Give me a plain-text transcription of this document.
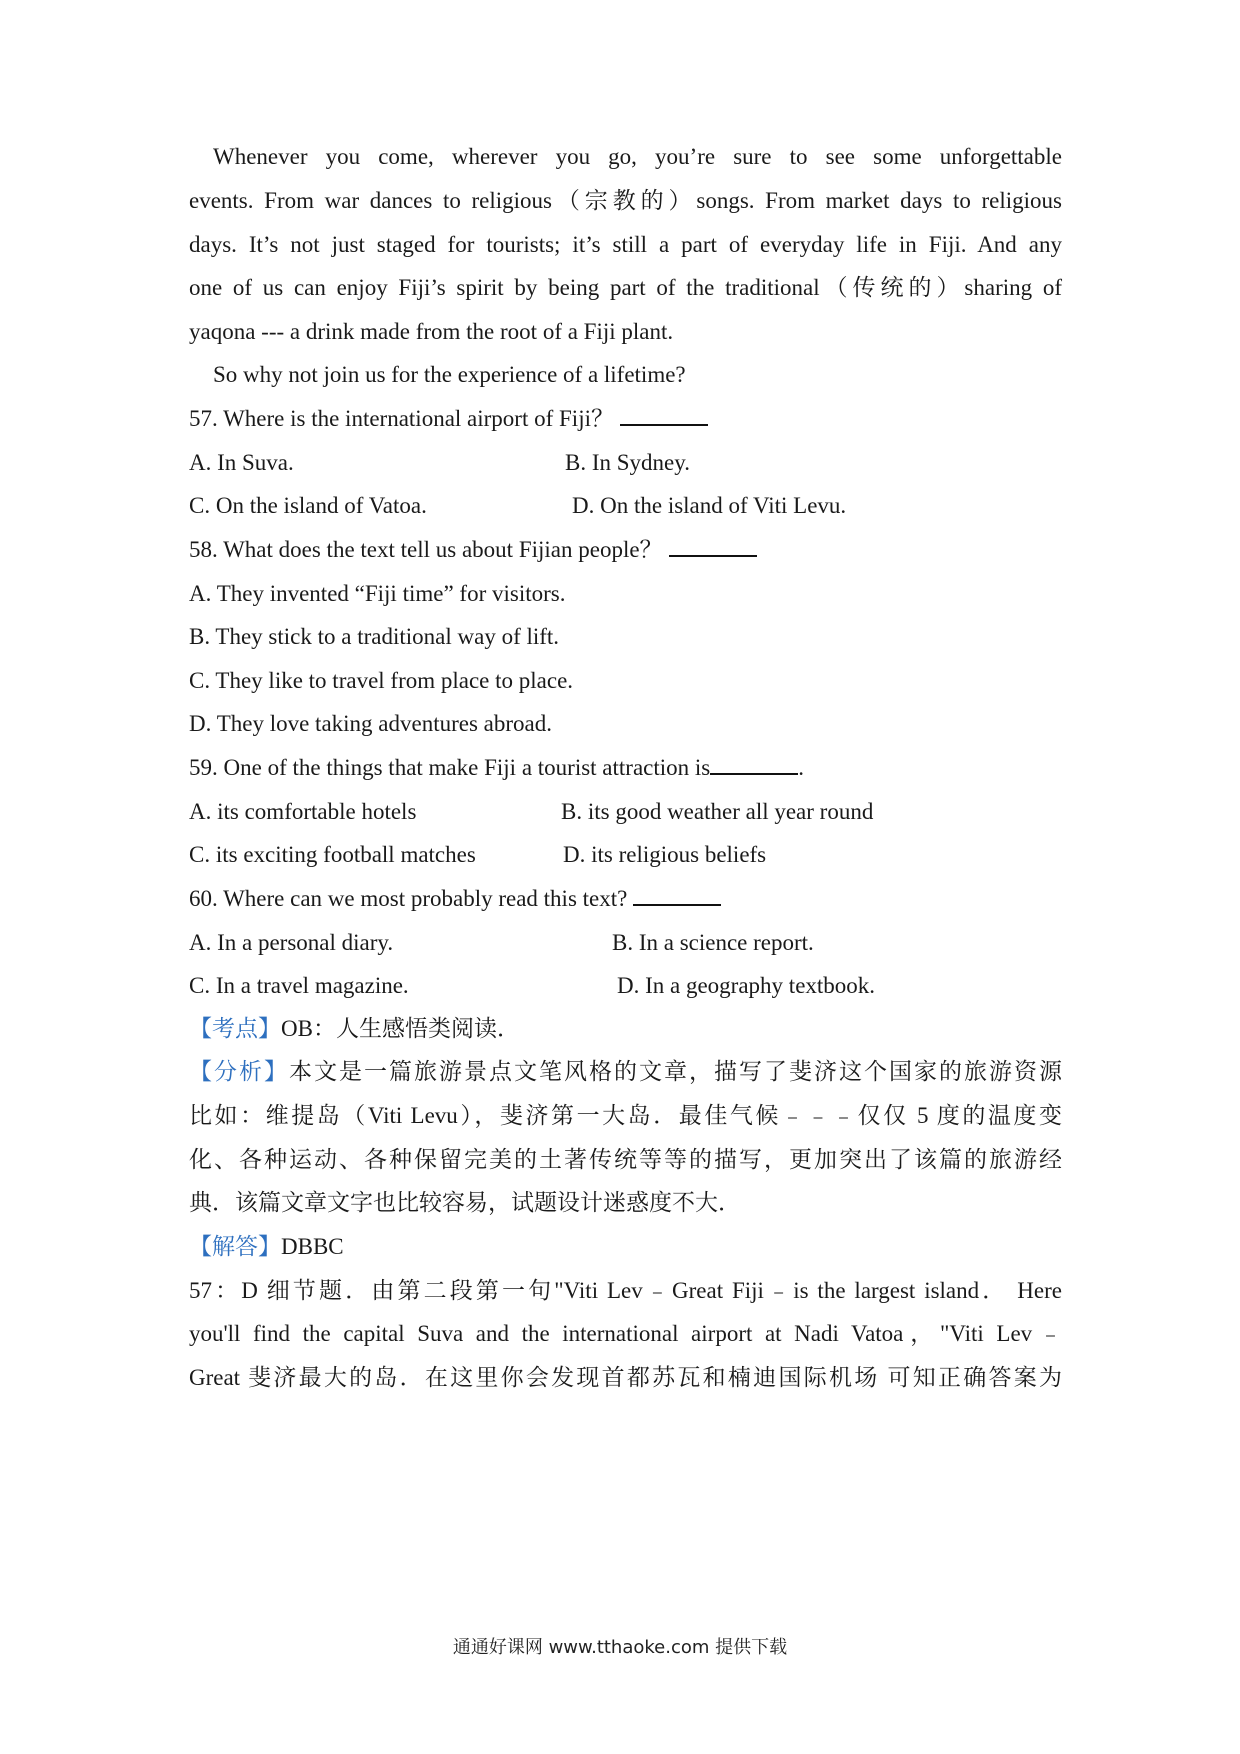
Whenever you come, wherever you go, you’re sure to see some unforgettable
events. From war dances to religious（宗教的）songs. From market days to religious
days. It’s not just staged for tourists; it’s still a part of everyday life in Fiji. And any
one of us can enjoy Fiji’s spirit by being part of the traditional（传统的）sharing of
yaqona --- a drink made from the root of a Fiji plant.
So why not join us for the experience of a lifetime?
57. Where is the international airport of Fiji？
A. In Suva.	B. In Sydney.
C. On the island of Vatoa.	D. On the island of Viti Levu.
58. What does the text tell us about Fijian people？
A. They invented “Fiji time” for visitors.
B. They stick to a traditional way of lift.
C. They like to travel from place to place.
D. They love taking adventures abroad.
59. One of the things that make Fiji a tourist attraction is	.
A. its comfortable hotels	B. its good weather all year round
C. its exciting football matches	D. its religious beliefs
60. Where can we most probably read this text?
A. In a personal diary.	B. In a science report.
C. In a travel magazine.	D. In a geography textbook.
【考点】OB：人生感悟类阅读．
【分析】本文是一篇旅游景点文笔风格的文章，描写了斐济这个国家的旅游资源
比如：维提岛（Viti Levu），斐济第一大岛．最佳气候﹣﹣﹣仅仅 5 度的温度变
化、各种运动、各种保留完美的土著传统等等的描写，更加突出了该篇的旅游经
典．该篇文章文字也比较容易，试题设计迷惑度不大．
【解答】DBBC
57：D 细节题．由第二段第一句"Viti Lev﹣Great Fiji﹣is the largest island． Here
you'll find the capital Suva and the international airport at Nadi Vatoa，"Viti Lev﹣
Great 斐济最大的岛．在这里你会发现首都苏瓦和楠迪国际机场 可知正确答案为
通通好课网 www.tthaoke.com 提供下载
